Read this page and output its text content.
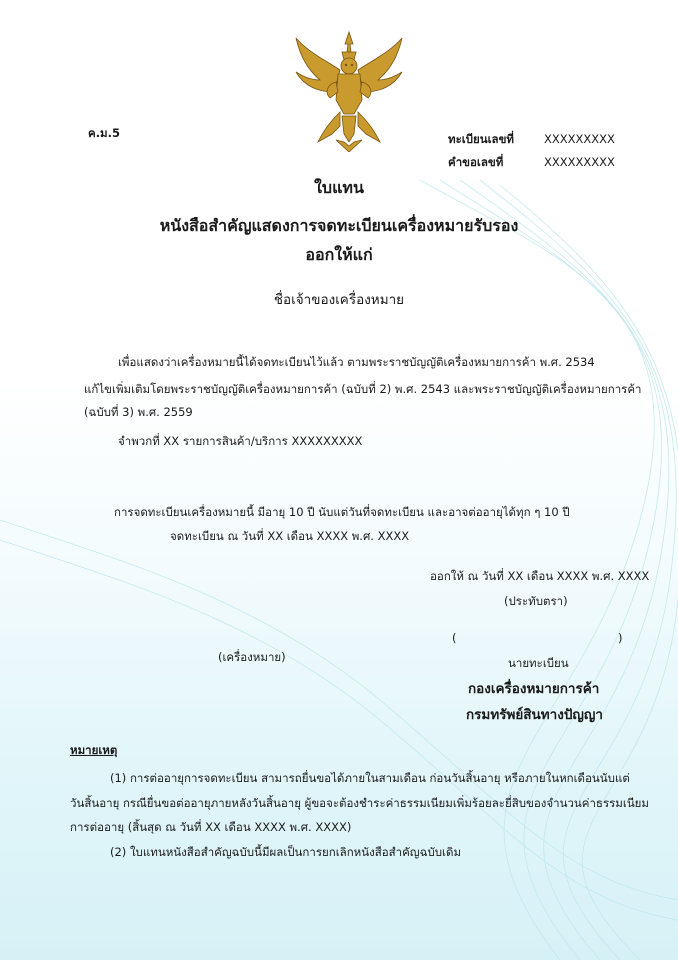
ค.ม.5	ทะเบียนเลขที่	XXXXXXXXX
คำขอเลขที่	XXXXXXXXX
ใบแทน
หนังสือสำคัญแสดงการจดทะเบียนเครื่องหมายรับรอง
ออกให้แก่
ชื่อเจ้าของเครื่องหมาย
เพื่อแสดงว่าเครื่องหมายนี้ได้จดทะเบียนไว้แล้ว ตามพระราชบัญญัติเครื่องหมายการค้า พ.ศ. 2534
แก้ไขเพิ่มเติมโดยพระราชบัญญัติเครื่องหมายการค้า (ฉบับที่ 2) พ.ศ. 2543 และพระราชบัญญัติเครื่องหมายการค้า
(ฉบับที่ 3) พ.ศ. 2559
จำพวกที่ XX รายการสินค้า/บริการ XXXXXXXXX
การจดทะเบียนเครื่องหมายนี้ มีอายุ 10 ปี นับแต่วันที่จดทะเบียน และอาจต่ออายุได้ทุก ๆ 10 ปี
จดทะเบียน ณ วันที่ XX เดือน XXXX พ.ศ. XXXX
ออกให้ ณ วันที่ XX เดือน XXXX พ.ศ. XXXX
(ประทับตรา)
(	)
(เครื่องหมาย)	นายทะเบียน
กองเครื่องหมายการค้า
กรมทรัพย์สินทางปัญญา
หมายเหตุ
(1) การต่ออายุการจดทะเบียน สามารถยื่นขอได้ภายในสามเดือน ก่อนวันสิ้นอายุ หรือภายในหกเดือนนับแต่
วันสิ้นอายุ กรณียื่นขอต่ออายุภายหลังวันสิ้นอายุ ผู้ขอจะต้องชำระค่าธรรมเนียมเพิ่มร้อยละยี่สิบของจำนวนค่าธรรมเนียม
การต่ออายุ (สิ้นสุด ณ วันที่ XX เดือน XXXX พ.ศ. XXXX)
(2) ใบแทนหนังสือสำคัญฉบับนี้มีผลเป็นการยกเลิกหนังสือสำคัญฉบับเดิม
